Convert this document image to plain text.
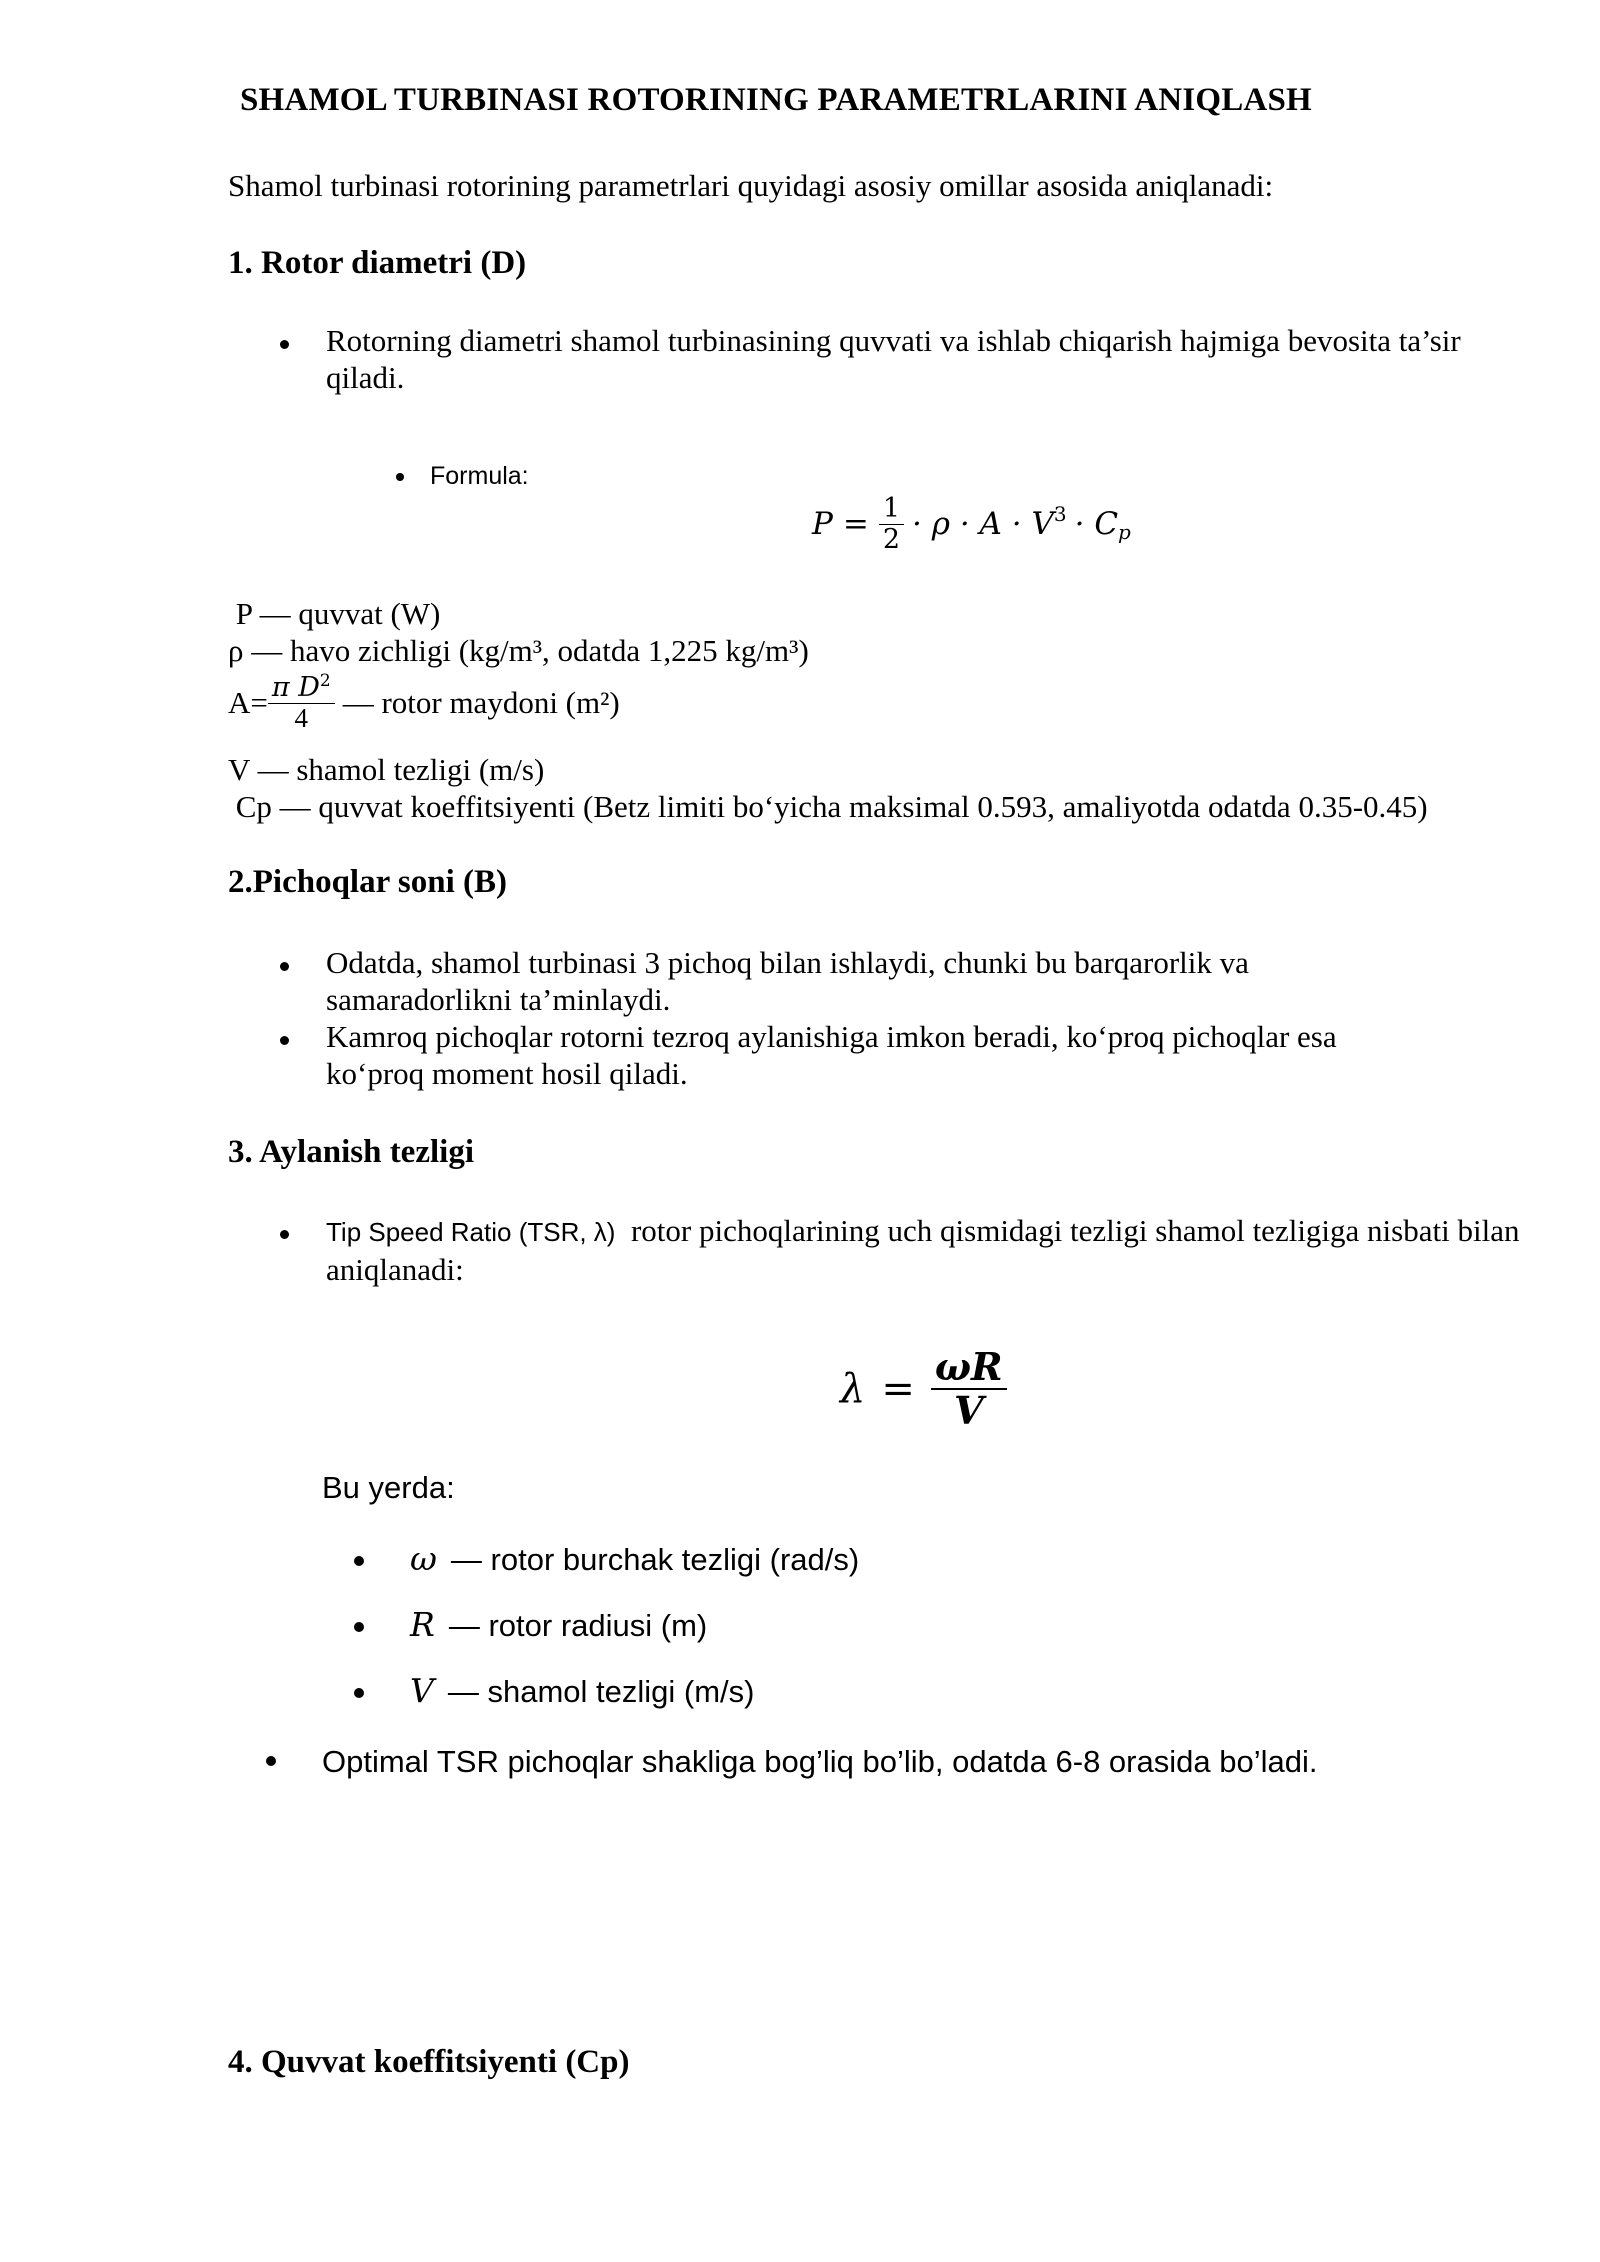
SHAMOL TURBINASI ROTORINING PARAMETRLARINI ANIQLASH
Shamol turbinasi rotorining parametrlari quyidagi asosiy omillar asosida aniqlanadi:
1. Rotor diametri (D)
Rotorning diametri shamol turbinasining quvvati va ishlab chiqarish hajmiga bevosita ta’sir qiladi.
Formula:
$P = \frac{1}{2} \cdot \rho \cdot A \cdot V^3 \cdot C_p$
P — quvvat (W)
ρ — havo zichligi (kg/m³, odatda 1,225 kg/m³)
$A= \frac{\pi D^2}{4}$ — rotor maydoni (m²)
V — shamol tezligi (m/s)
Cp — quvvat koeffitsiyenti (Betz limiti bo‘yicha maksimal 0.593, amaliyotda odatda 0.35-0.45)
2.Pichoqlar soni (B)
Odatda, shamol turbinasi 3 pichoq bilan ishlaydi, chunki bu barqarorlik va samaradorlikni ta’minlaydi.
Kamroq pichoqlar rotorni tezroq aylanishiga imkon beradi, ko‘proq pichoqlar esa ko‘proq moment hosil qiladi.
3. Aylanish tezligi
Tip Speed Ratio (TSR, λ)  rotor pichoqlarining uch qismidagi tezligi shamol tezligiga nisbati bilan aniqlanadi:
$\lambda = \frac{\omega R}{V}$
Bu yerda:
ω — rotor burchak tezligi (rad/s)
R — rotor radiusi (m)
V — shamol tezligi (m/s)
Optimal TSR pichoqlar shakliga bog’liq bo’lib, odatda 6-8 orasida bo’ladi.
4. Quvvat koeffitsiyenti (Cp)
